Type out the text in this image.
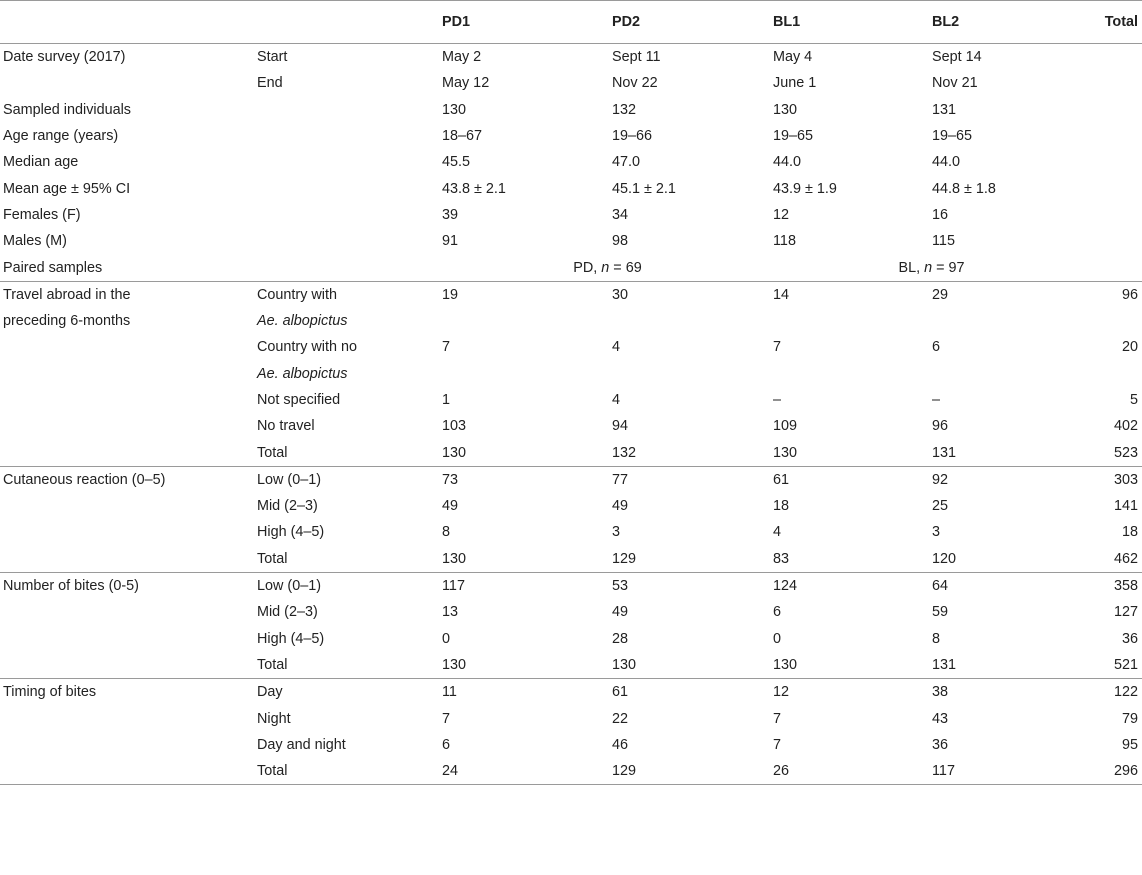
		PD1	PD2	BL1	BL2	Total
Date survey (2017)	Start	May 2	Sept 11	May 4	Sept 14	
	End	May 12	Nov 22	June 1	Nov 21	
Sampled individuals		130	132	130	131	
Age range (years)		18–67	19–66	19–65	19–65	
Median age		45.5	47.0	44.0	44.0	
Mean age ± 95% CI		43.8 ± 2.1	45.1 ± 2.1	43.9 ± 1.9	44.8 ± 1.8	
Females (F)		39	34	12	16	
Males (M)		91	98	118	115	
Paired samples		PD, n = 69		BL, n = 97		
Travel abroad in the	Country with	19	30	14	29	96
preceding 6-months	Ae. albopictus					
	Country with no	7	4	7	6	20
	Ae. albopictus					
	Not specified	1	4	–	–	5
	No travel	103	94	109	96	402
	Total	130	132	130	131	523
Cutaneous reaction (0–5)	Low (0–1)	73	77	61	92	303
	Mid (2–3)	49	49	18	25	141
	High (4–5)	8	3	4	3	18
	Total	130	129	83	120	462
Number of bites (0-5)	Low (0–1)	117	53	124	64	358
	Mid (2–3)	13	49	6	59	127
	High (4–5)	0	28	0	8	36
	Total	130	130	130	131	521
Timing of bites	Day	11	61	12	38	122
	Night	7	22	7	43	79
	Day and night	6	46	7	36	95
	Total	24	129	26	117	296
